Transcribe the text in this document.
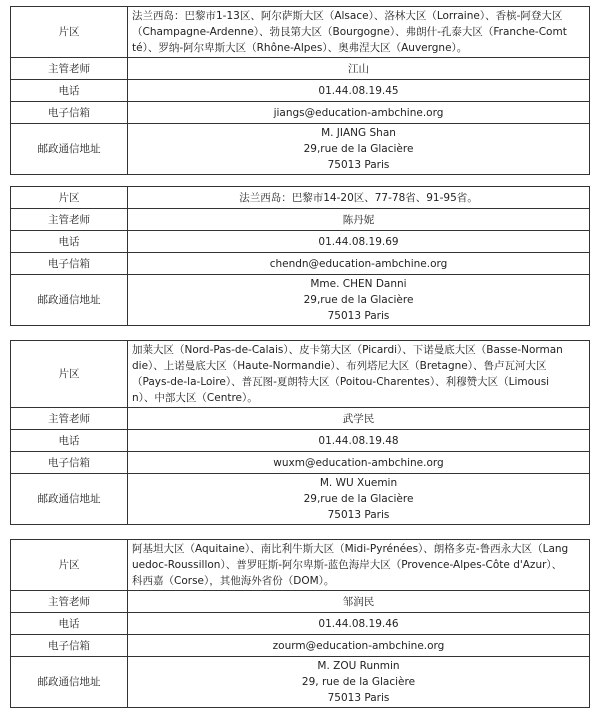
片区	法兰西岛：巴黎市1-13区、阿尔萨斯大区（Alsace）、洛林大区（Lorraine）、香槟-阿登大区
（Champagne-Ardenne）、勃艮第大区（Bourgogne）、弗朗什-孔泰大区（Franche-Comt
té）、罗纳-阿尔卑斯大区（Rhône-Alpes）、奥弗涅大区（Auvergne）。

主管老师	江山
电话	01.44.08.19.45
电子信箱	jiangs@education-ambchine.org
邮政通信地址	M. JIANG Shan
29,rue de la Glacière
75013 Paris
片区	法兰西岛：巴黎市14-20区、77-78省、91-95省。

主管老师	陈丹妮
电话	01.44.08.19.69
电子信箱	chendn@education-ambchine.org
邮政通信地址	Mme. CHEN Danni
29,rue de la Glacière
75013 Paris
片区	加莱大区（Nord-Pas-de-Calais）、皮卡第大区（Picardi）、下诺曼底大区（Basse-Norman
die）、上诺曼底大区（Haute-Normandie）、布列塔尼大区（Bretagne）、鲁卢瓦河大区
（Pays-de-la-Loire）、普瓦图-夏朗特大区（Poitou-Charentes）、利穆赞大区（Limousi
n）、中部大区（Centre）。

主管老师	武学民
电话	01.44.08.19.48
电子信箱	wuxm@education-ambchine.org
邮政通信地址	M. WU Xuemin
29,rue de la Glacière
75013 Paris
片区	阿基坦大区（Aquitaine）、南比利牛斯大区（Midi-Pyrénées）、朗格多克-鲁西永大区（Lang
uedoc-Roussillon）、普罗旺斯-阿尔卑斯-蓝色海岸大区（Provence-Alpes-Côte d'Azur）、
科西嘉（Corse），其他海外省份（DOM）。

主管老师	邹润民
电话	01.44.08.19.46
电子信箱	zourm@education-ambchine.org
邮政通信地址	M. ZOU Runmin
29, rue de la Glacière
75013 Paris
